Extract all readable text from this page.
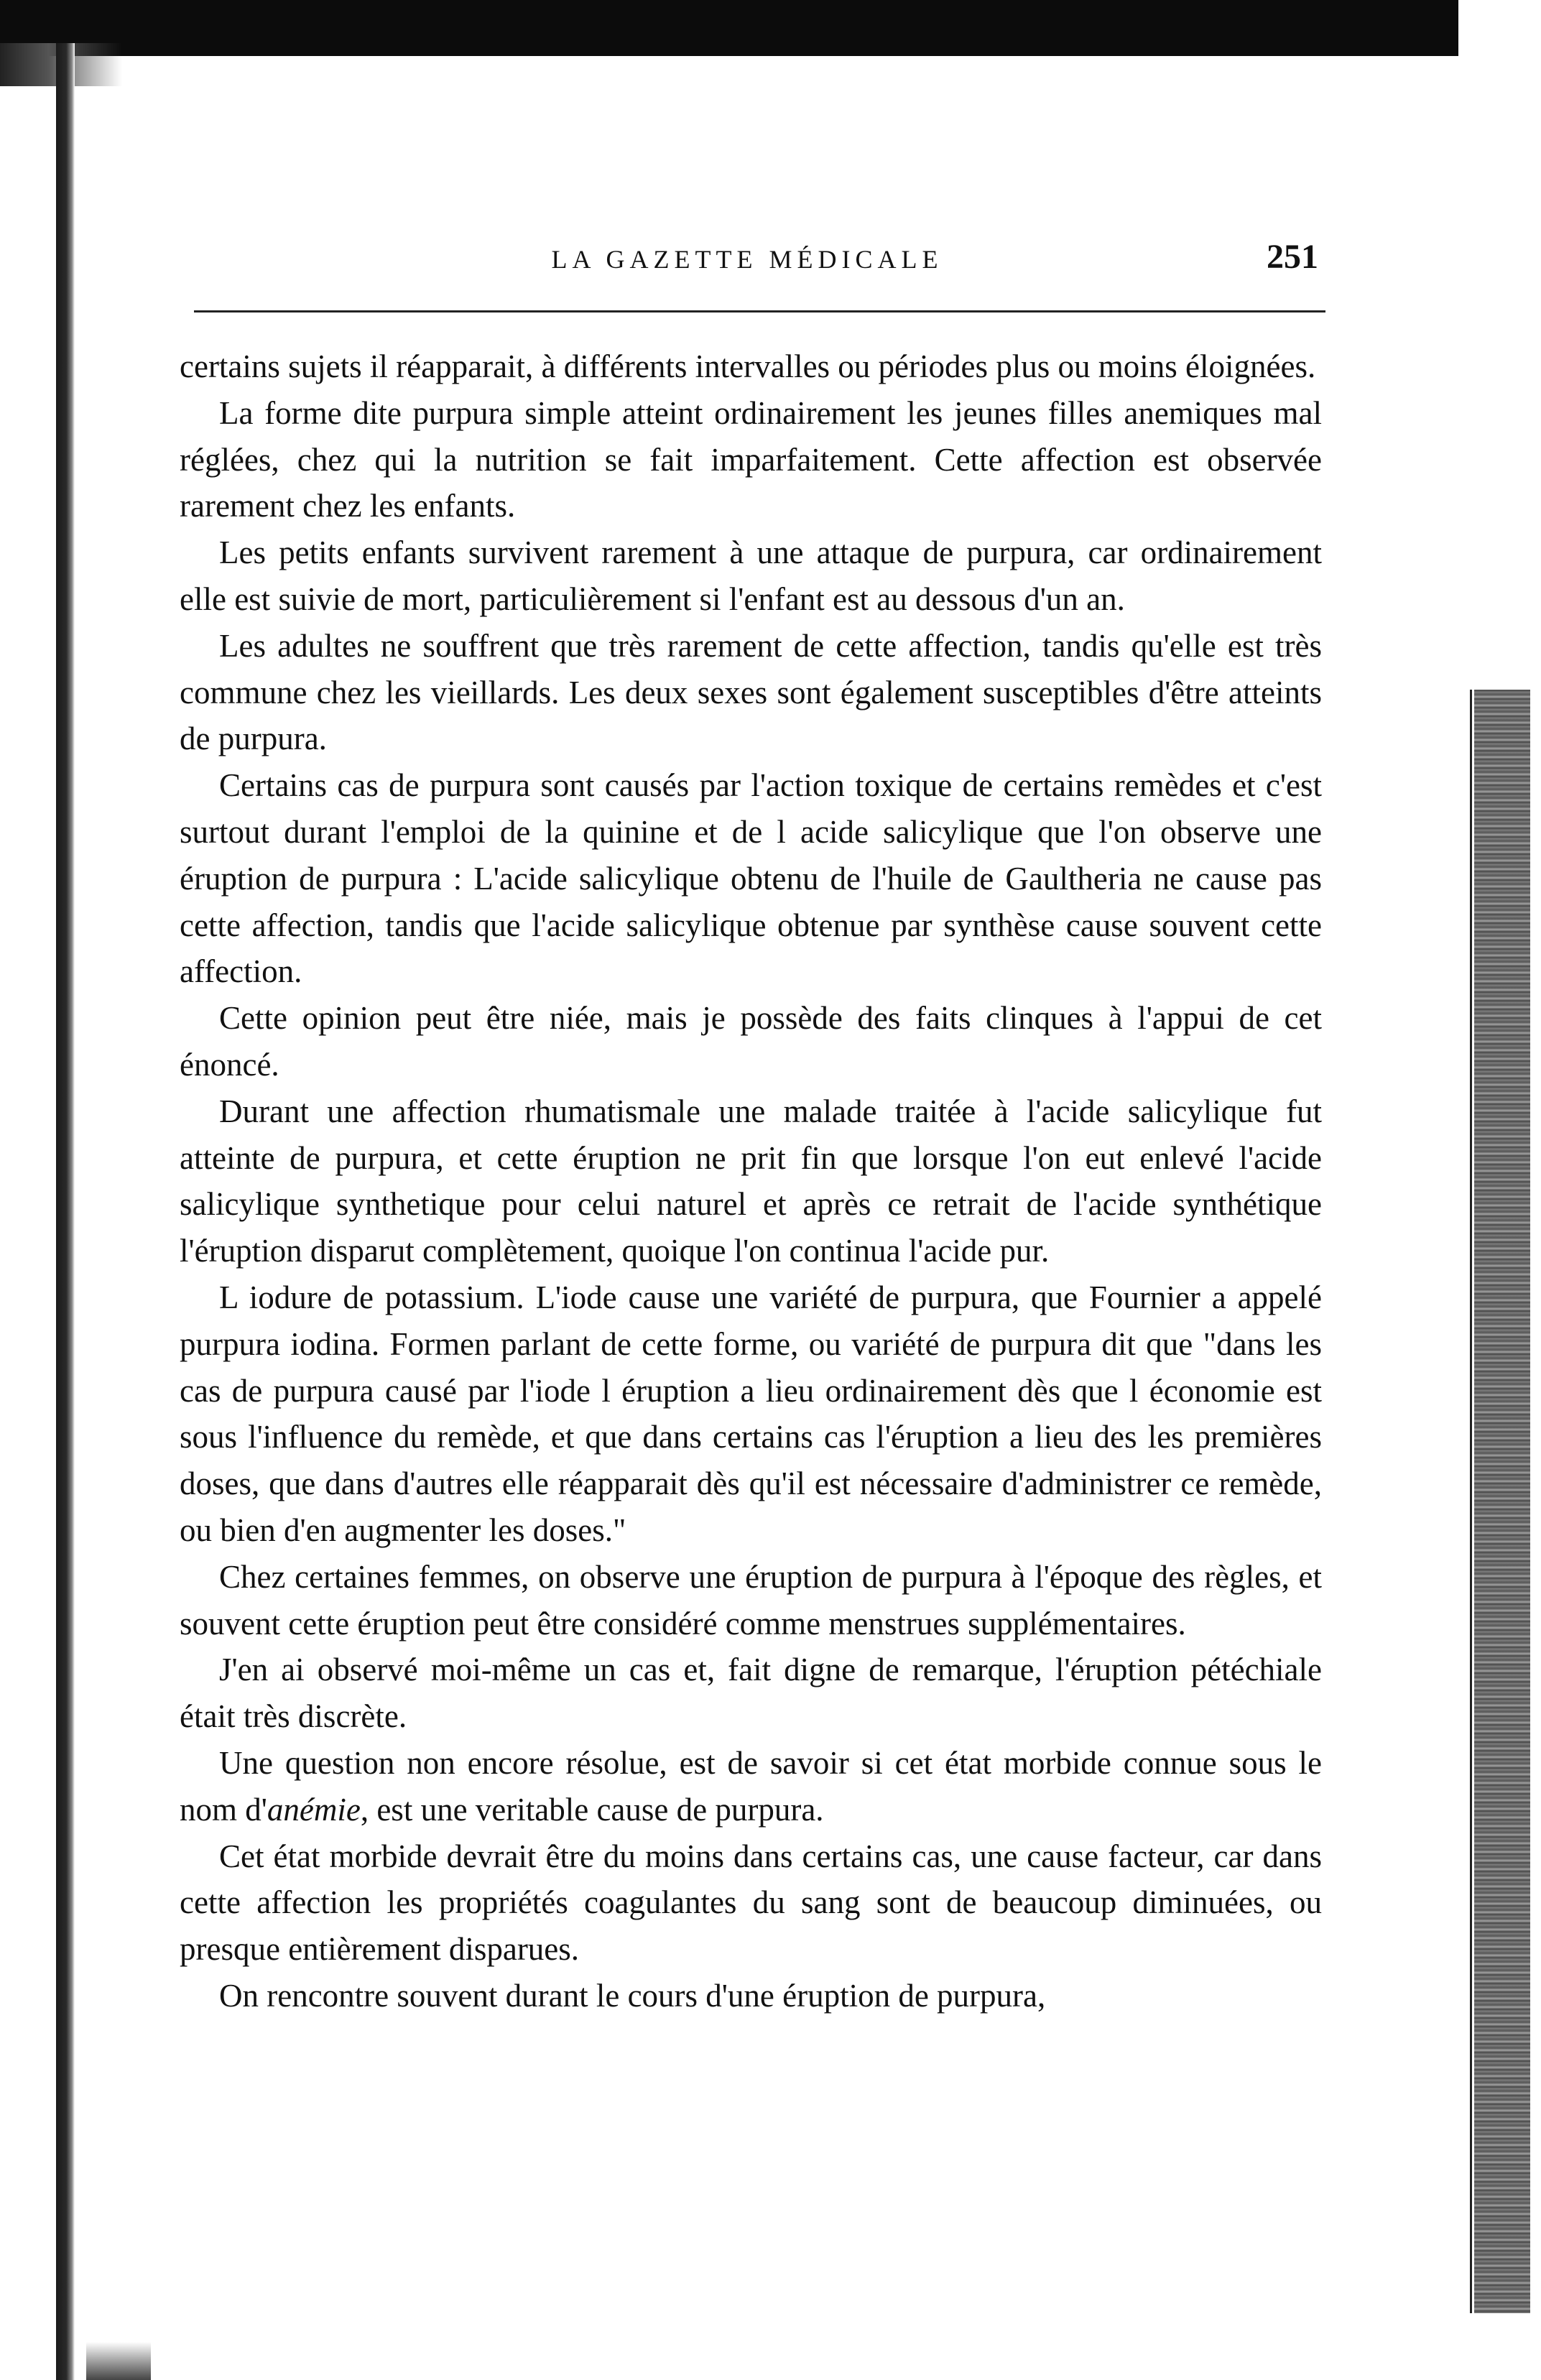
LA GAZETTE MÉDICALE	251

certains sujets il réapparait, à différents intervalles ou périodes plus ou moins éloignées.

La forme dite purpura simple atteint ordinairement les jeunes filles anemiques mal réglées, chez qui la nutrition se fait imparfaitement. Cette affection est observée rarement chez les enfants.

Les petits enfants survivent rarement à une attaque de purpura, car ordinairement elle est suivie de mort, particulièrement si l'enfant est au dessous d'un an.

Les adultes ne souffrent que très rarement de cette affection, tandis qu'elle est très commune chez les vieillards. Les deux sexes sont également susceptibles d'être atteints de purpura.

Certains cas de purpura sont causés par l'action toxique de certains remèdes et c'est surtout durant l'emploi de la quinine et de l acide salicylique que l'on observe une éruption de purpura : L'acide salicylique obtenu de l'huile de Gaultheria ne cause pas cette affection, tandis que l'acide salicylique obtenue par synthèse cause souvent cette affection.

Cette opinion peut être niée, mais je possède des faits clinques à l'appui de cet énoncé.

Durant une affection rhumatismale une malade traitée à l'acide salicylique fut atteinte de purpura, et cette éruption ne prit fin que lorsque l'on eut enlevé l'acide salicylique synthetique pour celui naturel et après ce retrait de l'acide synthétique l'éruption disparut complètement, quoique l'on continua l'acide pur.

L iodure de potassium. L'iode cause une variété de purpura, que Fournier a appelé purpura iodina. Formen parlant de cette forme, ou variété de purpura dit que "dans les cas de purpura causé par l'iode l éruption a lieu ordinairement dès que l économie est sous l'influence du remède, et que dans certains cas l'éruption a lieu des les premières doses, que dans d'autres elle réapparait dès qu'il est nécessaire d'administrer ce remède, ou bien d'en augmenter les doses."

Chez certaines femmes, on observe une éruption de purpura à l'époque des règles, et souvent cette éruption peut être considéré comme menstrues supplémentaires.

J'en ai observé moi-même un cas et, fait digne de remarque, l'éruption pétéchiale était très discrète.

Une question non encore résolue, est de savoir si cet état morbide connue sous le nom d'anémie, est une veritable cause de purpura.

Cet état morbide devrait être du moins dans certains cas, une cause facteur, car dans cette affection les propriétés coagulantes du sang sont de beaucoup diminuées, ou presque entièrement disparues.

On rencontre souvent durant le cours d'une éruption de purpura,
